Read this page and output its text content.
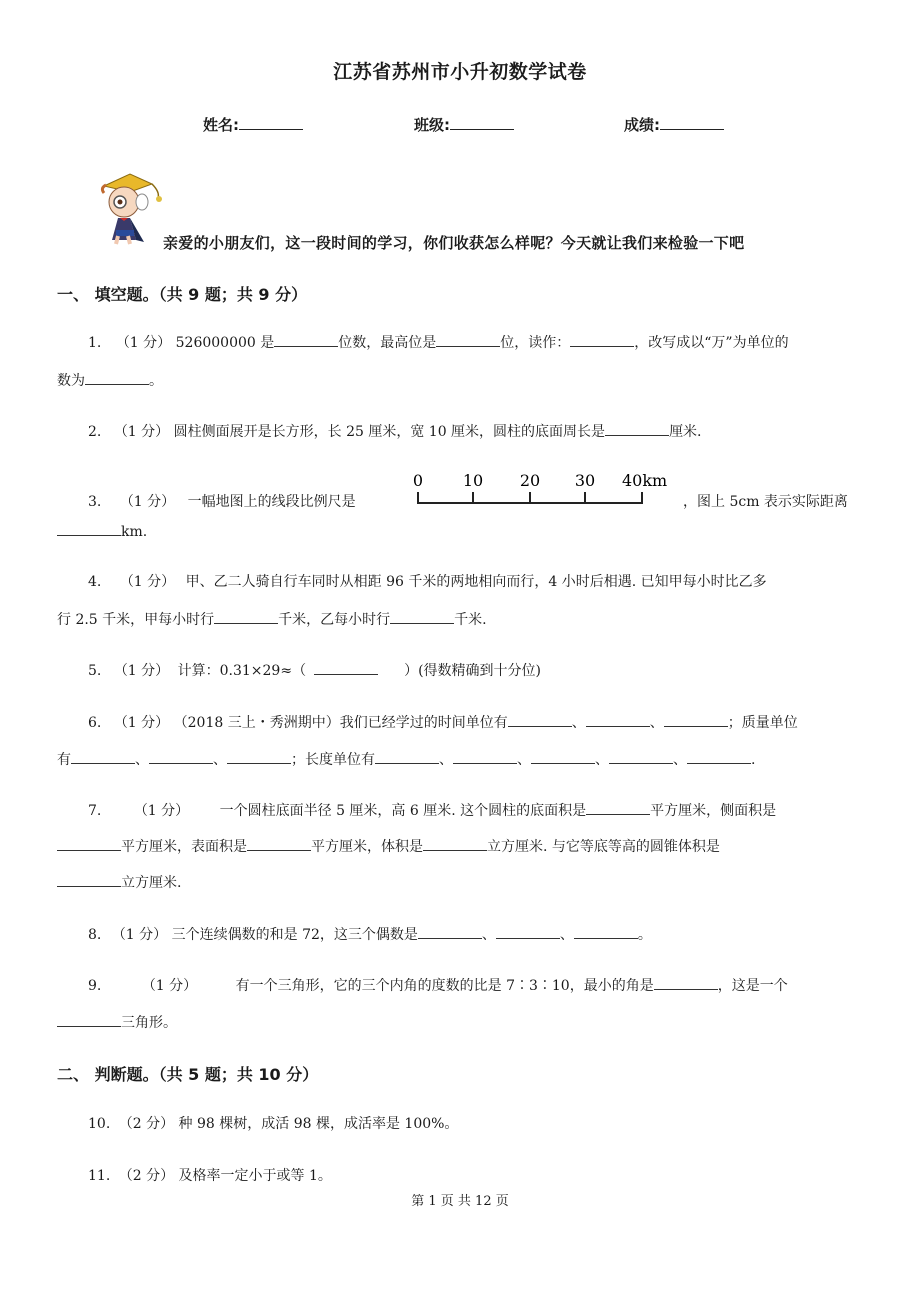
江苏省苏州市小升初数学试卷
姓名:	班级:	成绩:
亲爱的小朋友们，这一段时间的学习，你们收获怎么样呢？今天就让我们来检验一下吧
一、 填空题。（共 9 题；共 9 分）
1. （1 分） 526000000 是	位数，最高位是	位，读作：	，改写成以“万”为单位的
数为	。
2. （1 分） 圆柱侧面展开是长方形，长 25 厘米，宽 10 厘米，圆柱的底面周长是	厘米.
3. （1 分） 一幅地图上的线段比例尺是
0 10 20 30 40km
，图上 5cm 表示实际距离
km.
4. （1 分） 甲、乙二人骑自行车同时从相距 96 千米的两地相向而行，4 小时后相遇. 已知甲每小时比乙多
行 2.5 千米，甲每小时行	千米，乙每小时行	千米.
5. （1 分） 计算：0.31×29≈（	）(得数精确到十分位)
6. （1 分） （2018 三上・秀洲期中）我们已经学过的时间单位有	、	、	；质量单位
有	、	、	；长度单位有	、	、	、	、	.
7. （1 分） 一个圆柱底面半径 5 厘米，高 6 厘米. 这个圆柱的底面积是	平方厘米，侧面积是
平方厘米，表面积是	平方厘米，体积是	立方厘米. 与它等底等高的圆锥体积是
立方厘米.
8. （1 分） 三个连续偶数的和是 72，这三个偶数是	、	、	。
9.	（1 分）	有一个三角形，它的三个内角的度数的比是 7∶3∶10，最小的角是	，这是一个
三角形。
二、 判断题。（共 5 题；共 10 分）
10. （2 分） 种 98 棵树，成活 98 棵，成活率是 100%。
11. （2 分） 及格率一定小于或等 1。
第 1 页 共 12 页
